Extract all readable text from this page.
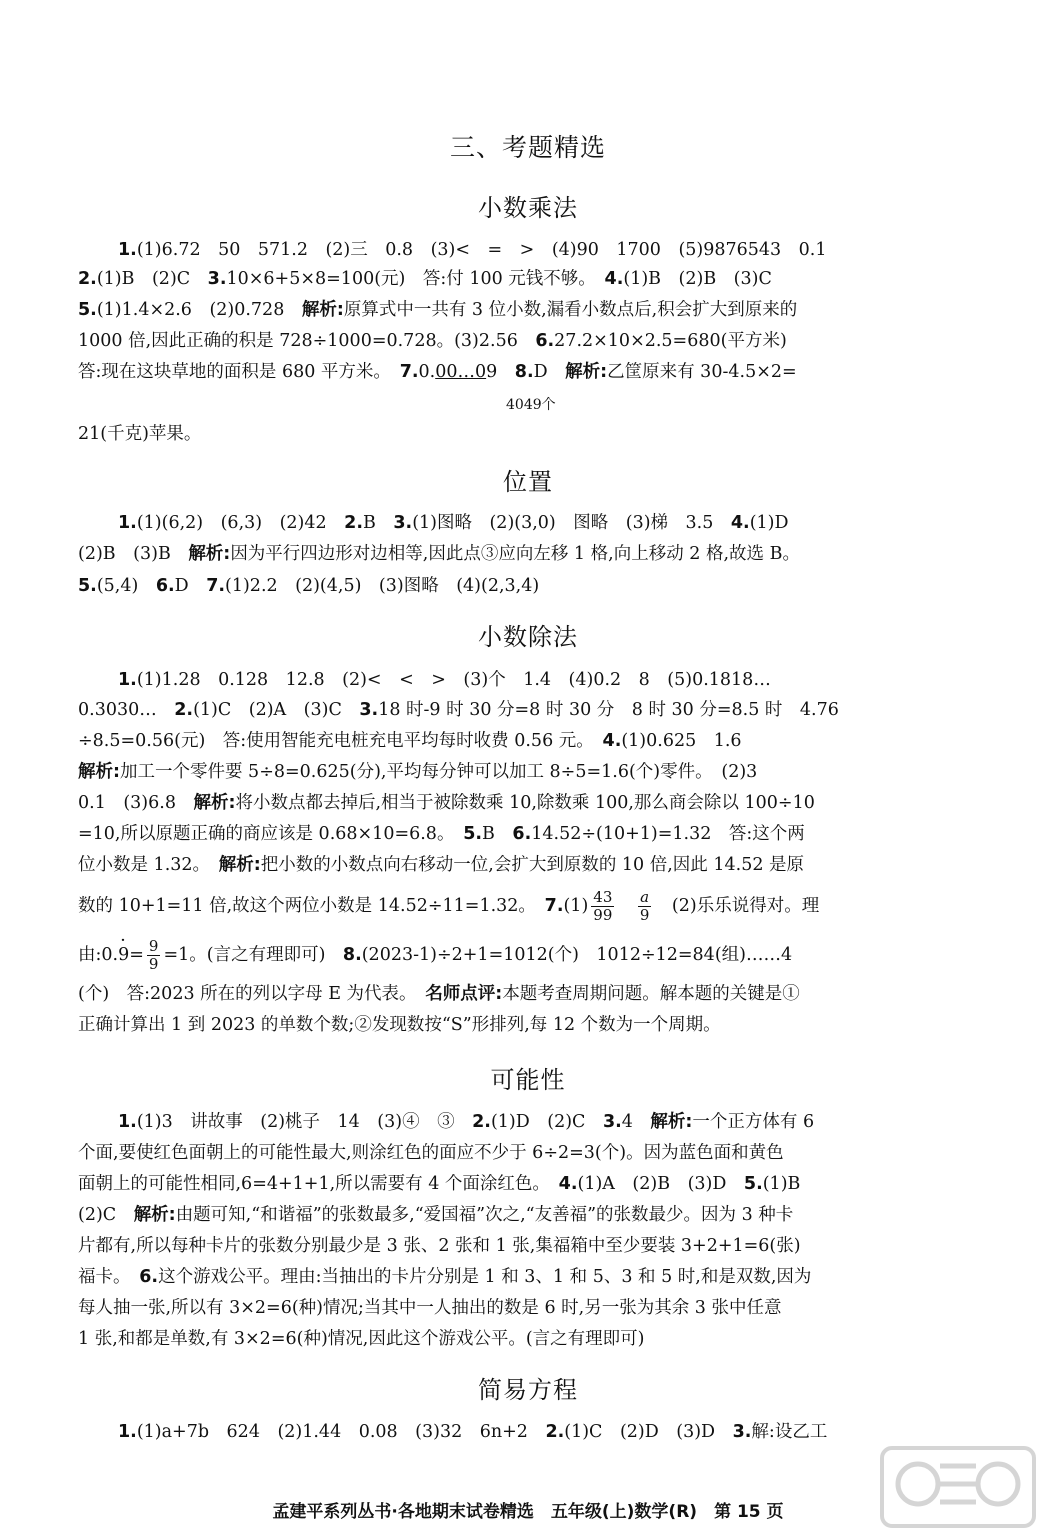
三、考题精选
小数乘法
1.(1)6.72　50　571.2　(2)三　0.8　(3)<　=　>　(4)90　1700　(5)9876543　0.1
2.(1)B　(2)C　3.10×6+5×8=100(元)　答:付 100 元钱不够。　4.(1)B　(2)B　(3)C
5.(1)1.4×2.6　(2)0.728　解析:原算式中一共有 3 位小数,漏看小数点后,积会扩大到原来的
1000 倍,因此正确的积是 728÷1000=0.728。(3)2.56　6.27.2×10×2.5=680(平方米)
答:现在这块草地的面积是 680 平方米。　7.0.00…09　8.D　解析:乙筐原来有 30-4.5×2=
4049个
21(千克)苹果。
位置
1.(1)(6,2)　(6,3)　(2)42　2.B　3.(1)图略　(2)(3,0)　图略　(3)梯　3.5　4.(1)D
(2)B　(3)B　解析:因为平行四边形对边相等,因此点③应向左移 1 格,向上移动 2 格,故选 B。
5.(5,4)　6.D　7.(1)2.2　(2)(4,5)　(3)图略　(4)(2,3,4)
小数除法
1.(1)1.28　0.128　12.8　(2)<　<　>　(3)个　1.4　(4)0.2　8　(5)0.1818…
0.3030…　2.(1)C　(2)A　(3)C　3.18 时-9 时 30 分=8 时 30 分　8 时 30 分=8.5 时　4.76
÷8.5=0.56(元)　答:使用智能充电桩充电平均每时收费 0.56 元。　4.(1)0.625　1.6
解析:加工一个零件要 5÷8=0.625(分),平均每分钟可以加工 8÷5=1.6(个)零件。　(2)3
0.1　(3)6.8　解析:将小数点都去掉后,相当于被除数乘 10,除数乘 100,那么商会除以 100÷10
=10,所以原题正确的商应该是 0.68×10=6.8。　5.B　6.14.52÷(10+1)=1.32　答:这个两
位小数是 1.32。　解析:把小数的小数点向右移动一位,会扩大到原数的 10 倍,因此 14.52 是原
数的 10+1=11 倍,故这个两位小数是 14.52÷11=1.32。　$7.(1) \frac{43}{99}$
　 $\frac{a}{9}$
　 (2)乐乐说得对。理
由:0.· $9= \frac{9}{9} =1$。(言之有理即可)　8.(2023-1)÷2+1=1012(个)　1012÷12=84(组)……4
(个)　答:2023 所在的列以字母 E 为代表。　名师点评:本题考查周期问题。解本题的关键是①
正确计算出 1 到 2023 的单数个数;②发现数按“S”形排列,每 12 个数为一个周期。
可能性
1.(1)3　讲故事　(2)桃子　14　(3)④　③　2.(1)D　(2)C　3.4　解析:一个正方体有 6
个面,要使红色面朝上的可能性最大,则涂红色的面应不少于 6÷2=3(个)。因为蓝色面和黄色
面朝上的可能性相同,6=4+1+1,所以需要有 4 个面涂红色。　4.(1)A　(2)B　(3)D　5.(1)B
(2)C　解析:由题可知,“和谐福”的张数最多,“爱国福”次之,“友善福”的张数最少。因为 3 种卡
片都有,所以每种卡片的张数分别最少是 3 张、2 张和 1 张,集福箱中至少要装 3+2+1=6(张)
福卡。　6.这个游戏公平。理由:当抽出的卡片分别是 1 和 3、1 和 5、3 和 5 时,和是双数,因为
每人抽一张,所以有 3×2=6(种)情况;当其中一人抽出的数是 6 时,另一张为其余 3 张中任意
1 张,和都是单数,有 3×2=6(种)情况,因此这个游戏公平。(言之有理即可)
简易方程
1.(1)a+7b　624　(2)1.44　0.08　(3)32　6n+2　2.(1)C　(2)D　(3)D　3.解:设乙工
孟建平系列丛书·各地期末试卷精选　五年级(上)数学(R)　第 15 页
